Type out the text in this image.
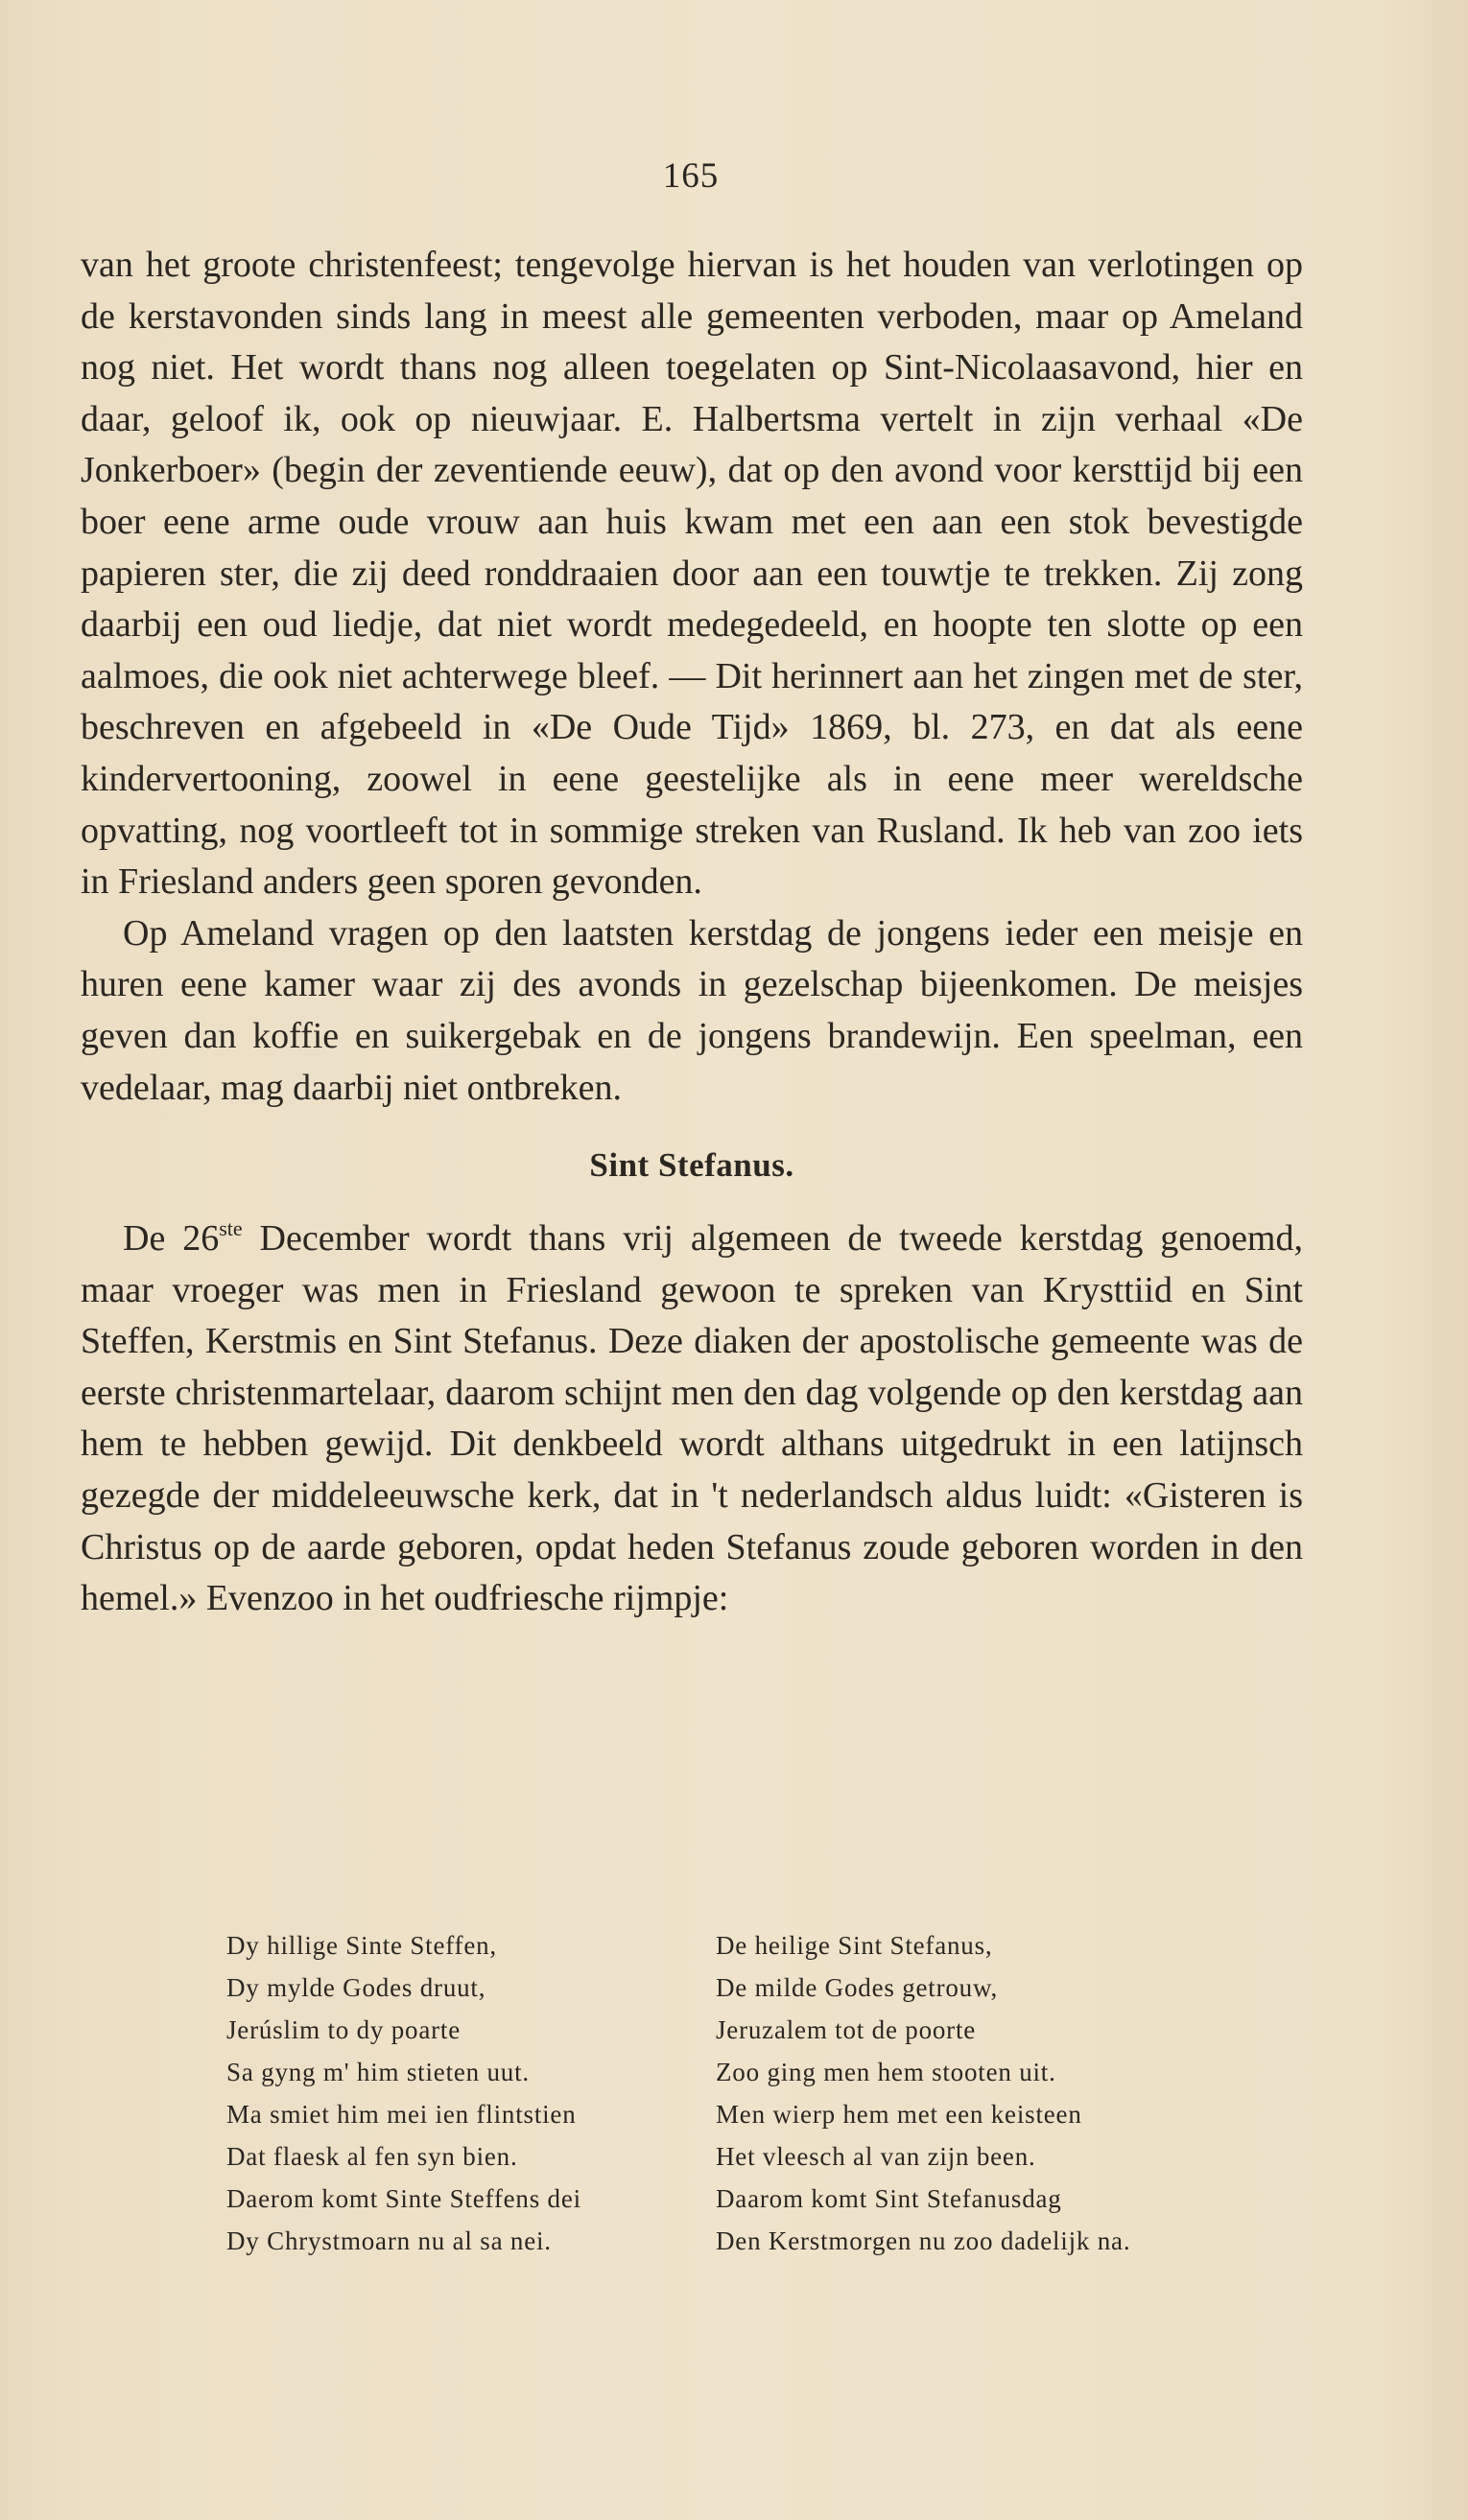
165

van het groote christenfeest; tengevolge hiervan is het houden van verlotingen op de kerstavonden sinds lang in meest alle gemeenten verboden, maar op Ameland nog niet. Het wordt thans nog alleen toegelaten op Sint-Nicolaasavond, hier en daar, geloof ik, ook op nieuwjaar. E. Halbertsma vertelt in zijn verhaal «De Jonkerboer» (begin der zeventiende eeuw), dat op den avond voor kersttijd bij een boer eene arme oude vrouw aan huis kwam met een aan een stok bevestigde papieren ster, die zij deed ronddraaien door aan een touwtje te trekken. Zij zong daarbij een oud liedje, dat niet wordt medegedeeld, en hoopte ten slotte op een aalmoes, die ook niet achterwege bleef. — Dit herinnert aan het zingen met de ster, beschreven en afgebeeld in «De Oude Tijd» 1869, bl. 273, en dat als eene kindervertooning, zoowel in eene geestelijke als in eene meer wereldsche opvatting, nog voortleeft tot in sommige streken van Rusland. Ik heb van zoo iets in Friesland anders geen sporen gevonden.

Op Ameland vragen op den laatsten kerstdag de jongens ieder een meisje en huren eene kamer waar zij des avonds in gezelschap bijeenkomen. De meisjes geven dan koffie en suikergebak en de jongens brandewijn. Een speelman, een vedelaar, mag daarbij niet ontbreken.

Sint Stefanus.

De 26ste December wordt thans vrij algemeen de tweede kerstdag genoemd, maar vroeger was men in Friesland gewoon te spreken van Krysttiid en Sint Steffen, Kerstmis en Sint Stefanus. Deze diaken der apostolische gemeente was de eerste christenmartelaar, daarom schijnt men den dag volgende op den kerstdag aan hem te hebben gewijd. Dit denkbeeld wordt althans uitgedrukt in een latijnsch gezegde der middeleeuwsche kerk, dat in 't nederlandsch aldus luidt: «Gisteren is Christus op de aarde geboren, opdat heden Stefanus zoude geboren worden in den hemel.» Evenzoo in het oudfriesche rijmpje:

Dy hillige Sinte Steffen,
Dy mylde Godes druut,
Jerúslim to dy poarte
Sa gyng m' him stieten uut.
Ma smiet him mei ien flintstien
Dat flaesk al fen syn bien.
Daerom komt Sinte Steffens dei
Dy Chrystmoarn nu al sa nei.
De heilige Sint Stefanus,
De milde Godes getrouw,
Jeruzalem tot de poorte
Zoo ging men hem stooten uit.
Men wierp hem met een keisteen
Het vleesch al van zijn been.
Daarom komt Sint Stefanusdag
Den Kerstmorgen nu zoo dadelijk na.
